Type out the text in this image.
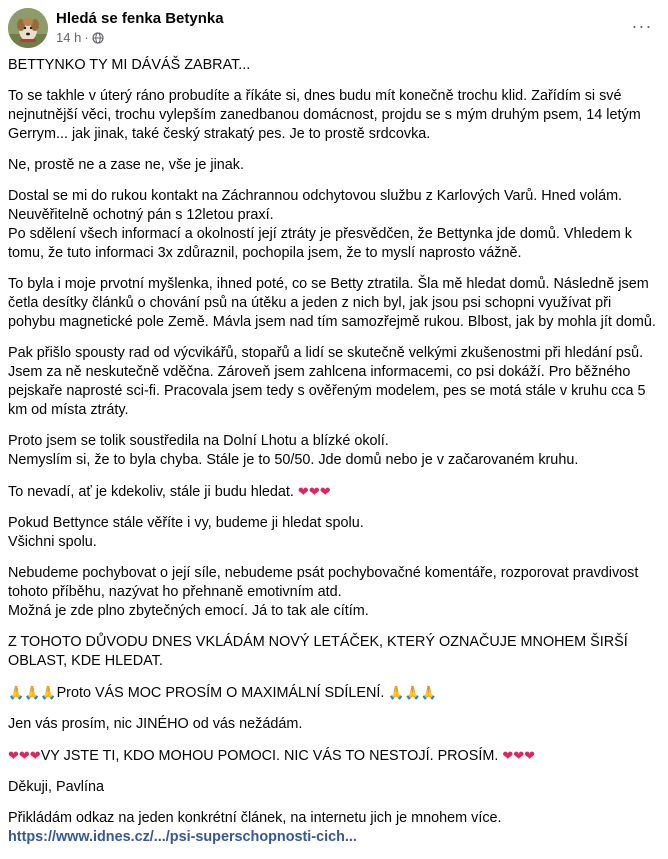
Hledá se fenka Betynka
14 h ·
···
BETTYNKO TY MI DÁVÁŠ ZABRAT...
To se takhle v úterý ráno probudíte a říkáte si, dnes budu mít konečně trochu klid. Zařídím si své nejnutnější věci, trochu vylepším zanedbanou domácnost, projdu se s mým druhým psem, 14 letým Gerrym... jak jinak, také český strakatý pes. Je to prostě srdcovka.
Ne, prostě ne a zase ne, vše je jinak.
Dostal se mi do rukou kontakt na Záchrannou odchytovou službu z Karlových Varů. Hned volám. Neuvěřitelně ochotný pán s 12letou praxí.
Po sdělení všech informací a okolností její ztráty je přesvědčen, že Bettynka jde domů. Vhledem k tomu, že tuto informaci 3x zdůraznil, pochopila jsem, že to myslí naprosto vážně.
To byla i moje prvotní myšlenka, ihned poté, co se Betty ztratila. Šla mě hledat domů. Následně jsem četla desítky článků o chování psů na útěku a jeden z nich byl, jak jsou psi schopni využívat při pohybu magnetické pole Země. Mávla jsem nad tím samozřejmě rukou. Blbost, jak by mohla jít domů.
Pak přišlo spousty rad od výcvikářů, stopařů a lidí se skutečně velkými zkušenostmi při hledání psů. Jsem za ně neskutečně vděčna. Zároveň jsem zahlcena informacemi, co psi dokáží. Pro běžného pejskaře naprosté sci-fi. Pracovala jsem tedy s ověřeným modelem, pes se motá stále v kruhu cca 5 km od místa ztráty.
Proto jsem se tolik soustředila na Dolní Lhotu a blízké okolí.
Nemyslím si, že to byla chyba. Stále je to 50/50. Jde domů nebo je v začarovaném kruhu.
To nevadí, ať je kdekoliv, stále ji budu hledat. ❤❤❤
Pokud Bettynce stále věříte i vy, budeme ji hledat spolu.
Všichni spolu.
Nebudeme pochybovat o její síle, nebudeme psát pochybovačné komentáře, rozporovat pravdivost tohoto příběhu, nazývat ho přehnaně emotivním atd.
Možná je zde plno zbytečných emocí. Já to tak ale cítím.
Z TOHOTO DŮVODU DNES VKLÁDÁM NOVÝ LETÁČEK, KTERÝ OZNAČUJE MNOHEM ŠIRŠÍ OBLAST, KDE HLEDAT.
🙏🙏🙏Proto VÁS MOC PROSÍM O MAXIMÁLNÍ SDÍLENÍ. 🙏🙏🙏
Jen vás prosím, nic JINÉHO od vás nežádám.
❤❤❤VY JSTE TI, KDO MOHOU POMOCI. NIC VÁS TO NESTOJÍ. PROSÍM. ❤❤❤
Děkuji, Pavlína
Přikládám odkaz na jeden konkrétní článek, na internetu jich je mnohem více.
https://www.idnes.cz/.../psi-superschopnosti-cich...
